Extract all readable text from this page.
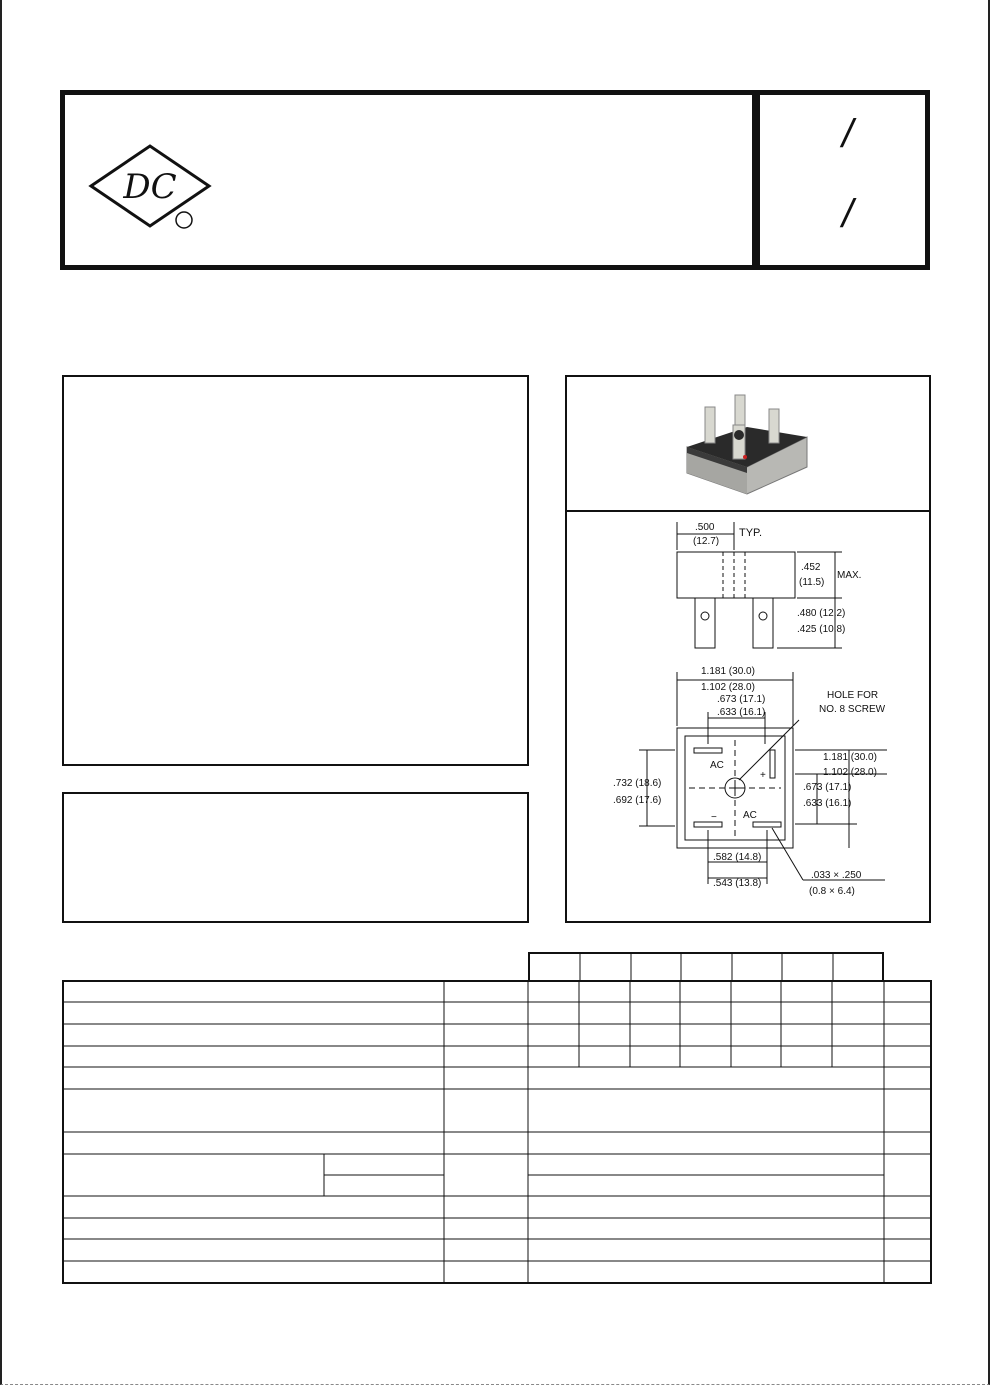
DC
/
/
.500
(12.7)
TYP.
.452
(11.5)
MAX.
.480 (12.2)
.425 (10.8)
1.181 (30.0)
1.102 (28.0)
.673 (17.1)
.633 (16.1)
HOLE FOR
NO. 8 SCREW
1.181 (30.0)
1.102 (28.0)
.673 (17.1)
.633 (16.1)
.732 (18.6)
.692 (17.6)
.582 (14.8)
.543 (13.8)
.033 × .250
(0.8 × 6.4)
AC
AC
+
−
